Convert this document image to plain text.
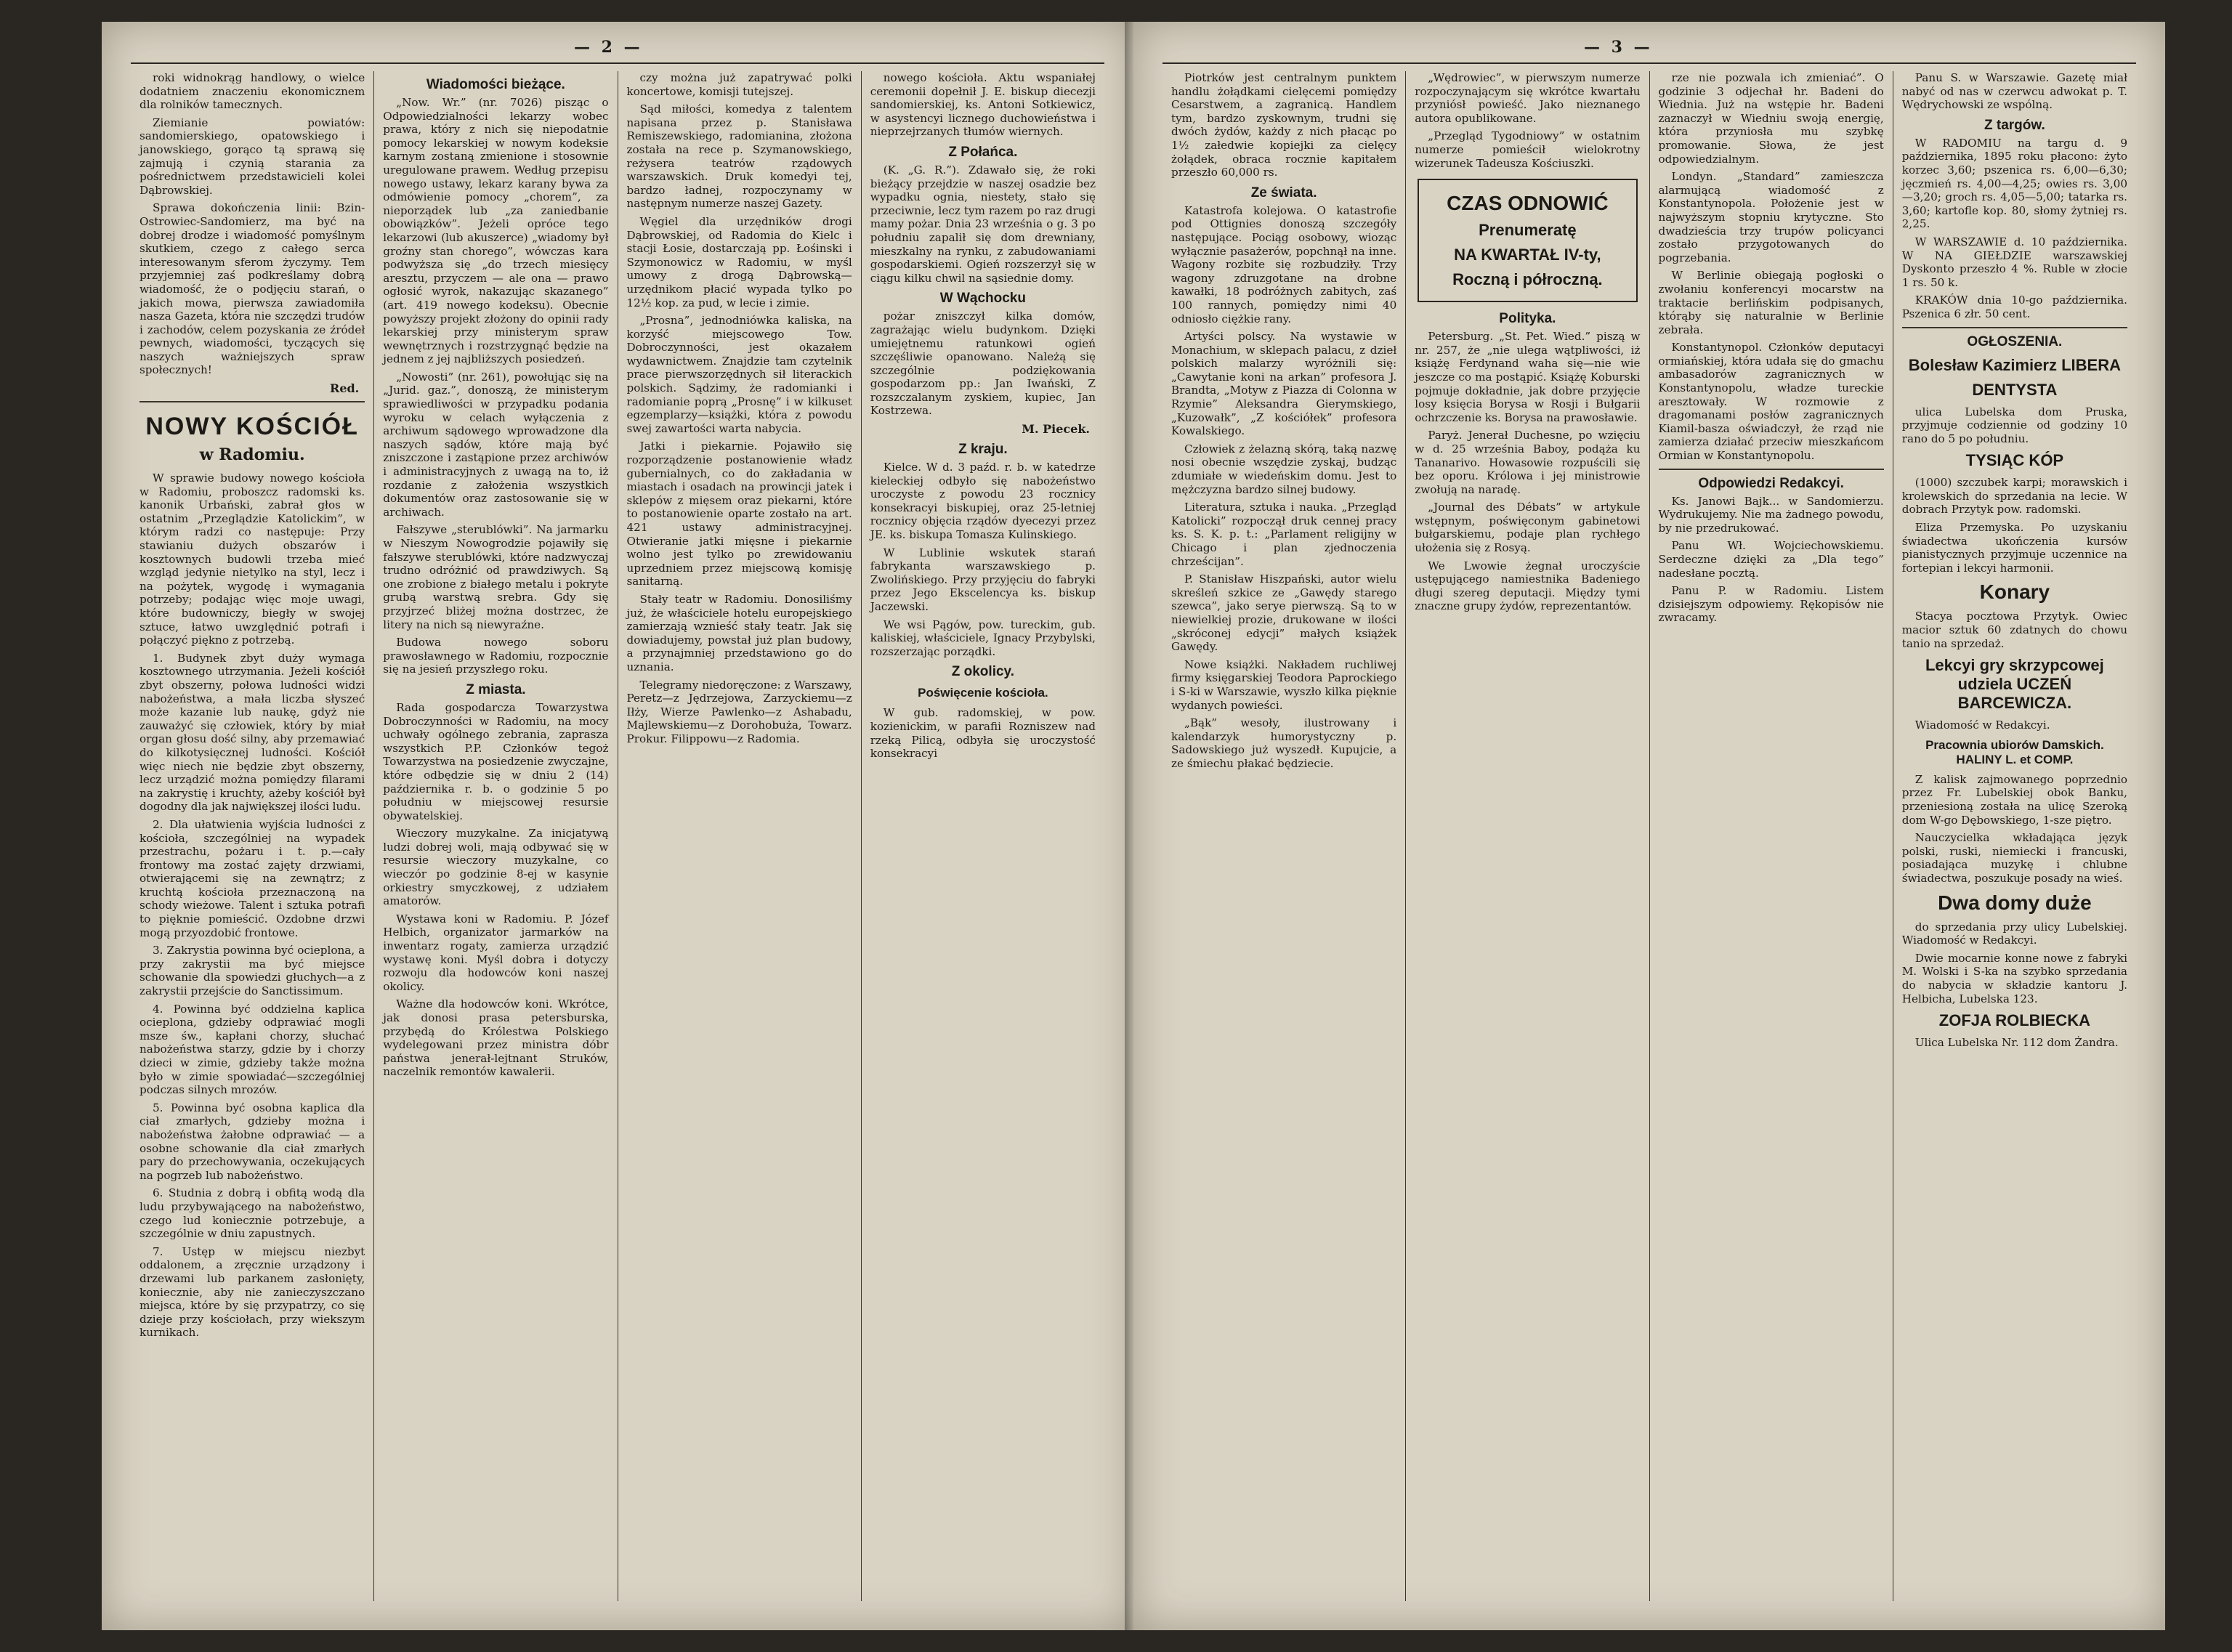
— 2 —

roki widnokrąg handlowy, o wielce dodatniem znaczeniu ekonomicznem dla rolników tamecznych.

Ziemianie powiatów: sandomierskiego, opatowskiego i janowskiego, gorąco tą sprawą się zajmują i czynią starania za pośrednictwem przedstawicieli kolei Dąbrowskiej.

Sprawa dokończenia linii: Bzin-Ostrowiec-Sandomierz, ma być na dobrej drodze i wiadomość pomyślnym skutkiem, czego z całego serca interesowanym sferom życzymy. Tem przyjemniej zaś podkreślamy dobrą wiadomość, że o podjęciu starań, o jakich mowa, pierwsza zawiadomiła nasza Gazeta, która nie szczędzi trudów i zachodów, celem pozyskania ze źródeł pewnych, wiadomości, tyczących się naszych ważniejszych spraw społecznych!

Red.
NOWY KOŚCIÓŁ
w Radomiu.

W sprawie budowy nowego kościoła w Radomiu, proboszcz radomski ks. kanonik Urbański, zabrał głos w ostatnim „Przeglądzie Katolickim”, w którym radzi co następuje: Przy stawianiu dużych obszarów i kosztownych budowli trzeba mieć wzgląd jedynie nietylko na styl, lecz i na pożytek, wygodę i wymagania potrzeby; podając więc moje uwagi, które budowniczy, biegły w swojej sztuce, łatwo uwzględnić potrafi i połączyć piękno z potrzebą.

1. Budynek zbyt duży wymaga kosztownego utrzymania. Jeżeli kościół zbyt obszerny, połowa ludności widzi nabożeństwa, a mała liczba słyszeć może kazanie lub naukę, gdyż nie zauważyć się człowiek, który by miał organ głosu dość silny, aby przemawiać do kilkotysięcznej ludności. Kościół więc niech nie będzie zbyt obszerny, lecz urządzić można pomiędzy filarami na zakrystię i kruchty, ażeby kościół był dogodny dla jak największej ilości ludu.

2. Dla ułatwienia wyjścia ludności z kościoła, szczególniej na wypadek przestrachu, pożaru i t. p.—cały frontowy ma zostać zajęty drzwiami, otwierającemi się na zewnątrz; z kruchtą kościoła przeznaczoną na schody wieżowe. Talent i sztuka potrafi to pięknie pomieścić. Ozdobne drzwi mogą przyozdobić frontowe.

3. Zakrystia powinna być ocieplona, a przy zakrystii ma być miejsce schowanie dla spowiedzi głuchych—a z zakrystii przejście do Sanctissimum.

4. Powinna być oddzielna kaplica ocieplona, gdzieby odprawiać mogli msze św., kapłani chorzy, słuchać nabożeństwa starzy, gdzie by i chorzy dzieci w zimie, gdzieby także można było w zimie spowiadać—szczególniej podczas silnych mrozów.

5. Powinna być osobna kaplica dla ciał zmarłych, gdzieby można i nabożeństwa żałobne odprawiać — a osobne schowanie dla ciał zmarłych pary do przechowywania, oczekujących na pogrzeb lub nabożeństwo.

6. Studnia z dobrą i obfitą wodą dla ludu przybywającego na nabożeństwo, czego lud koniecznie potrzebuje, a szczególnie w dniu zapustnych.

7. Ustęp w miejscu niezbyt oddalonem, a zręcznie urządzony i drzewami lub parkanem zasłonięty, koniecznie, aby nie zanieczyszczano miejsca, które by się przypatrzy, co się dzieje przy kościołach, przy wiekszym kurnikach.

Wiadomości bieżące.

„Now. Wr.” (nr. 7026) pisząc o Odpowiedzialności lekarzy wobec prawa, który z nich się niepodatnie pomocy lekarskiej w nowym kodeksie karnym zostaną zmienione i stosownie uregulowane prawem. Według przepisu nowego ustawy, lekarz karany bywa za odmówienie pomocy „chorem”, za nieporządek lub „za zaniedbanie obowiązków”. Jeżeli opróce tego lekarzowi (lub akuszerce) „wiadomy był groźny stan chorego”, wówczas kara podwyższa się „do trzech miesięcy aresztu, przyczem — ale ona — prawo ogłosić wyrok, nakazując skazanego” (art. 419 nowego kodeksu). Obecnie powyższy projekt złożony do opinii rady lekarskiej przy ministerym spraw wewnętrznych i rozstrzygnąć będzie na jednem z jej najbliższych posiedzeń.

„Nowosti” (nr. 261), powołując się na „Jurid. gaz.”, donoszą, że ministerym sprawiedliwości w przypadku podania wyroku w celach wyłączenia z archiwum sądowego wprowadzone dla naszych sądów, które mają być zniszczone i zastąpione przez archiwów i administracyjnych z uwagą na to, iż rozdanie z założenia wszystkich dokumentów oraz zastosowanie się w archiwach.

Fałszywe „sterublówki”. Na jarmarku w Nieszym Nowogrodzie pojawiły się fałszywe sterublówki, które nadzwyczaj trudno odróżnić od prawdziwych. Są one zrobione z białego metalu i pokryte grubą warstwą srebra. Gdy się przyjrzeć bliżej można dostrzec, że litery na nich są niewyraźne.

Budowa nowego soboru prawosławnego w Radomiu, rozpocznie się na jesień przyszłego roku.

Z miasta.

Rada gospodarcza Towarzystwa Dobroczynności w Radomiu, na mocy uchwały ogólnego zebrania, zaprasza wszystkich P.P. Członków tegoż Towarzystwa na posiedzenie zwyczajne, które odbędzie się w dniu 2 (14) października r. b. o godzinie 5 po południu w miejscowej resursie obywatelskiej.

Wieczory muzykalne. Za inicjatywą ludzi dobrej woli, mają odbywać się w resursie wieczory muzykalne, co wieczór po godzinie 8-ej w kasynie orkiestry smyczkowej, z udziałem amatorów.

Wystawa koni w Radomiu. P. Józef Helbich, organizator jarmarków na inwentarz rogaty, zamierza urządzić wystawę koni. Myśl dobra i dotyczy rozwoju dla hodowców koni naszej okolicy.

Ważne dla hodowców koni. Wkrótce, jak donosi prasa petersburska, przybędą do Królestwa Polskiego wydelegowani przez ministra dóbr państwa jenerał-lejtnant Struków, naczelnik remontów kawalerii.

czy można już zapatrywać polki koncertowe, komisji tutejszej.

Sąd miłości, komedya z talentem napisana przez p. Stanisława Remiszewskiego, radomianina, złożona została na rece p. Szymanowskiego, reżysera teatrów rządowych warszawskich. Druk komedyi tej, bardzo ładnej, rozpoczynamy w następnym numerze naszej Gazety.

Węgiel dla urzędników drogi Dąbrowskiej, od Radomia do Kielc i stacji Łosie, dostarczają pp. Łośinski i Szymonowicz w Radomiu, w myśl umowy z drogą Dąbrowską—urzędnikom płacić wypada tylko po 12½ kop. za pud, w lecie i zimie.

„Prosna”, jednodniówka kaliska, na korzyść miejscowego Tow. Dobroczynności, jest okazałem wydawnictwem. Znajdzie tam czytelnik prace pierwszorzędnych sił literackich polskich. Sądzimy, że radomianki i radomianie poprą „Prosnę” i w kilkuset egzemplarzy—książki, która z powodu swej zawartości warta nabycia.

Jatki i piekarnie. Pojawiło się rozporządzenie postanowienie władz gubernialnych, co do zakładania w miastach i osadach na prowincji jatek i sklepów z mięsem oraz piekarni, które to postanowienie oparte zostało na art. 421 ustawy administracyjnej. Otwieranie jatki mięsne i piekarnie wolno jest tylko po zrewidowaniu uprzedniem przez miejscową komisję sanitarną.

Stały teatr w Radomiu. Donosiliśmy już, że właściciele hotelu europejskiego zamierzają wznieść stały teatr. Jak się dowiadujemy, powstał już plan budowy, a przynajmniej przedstawiono go do uznania.

Telegramy niedoręczone: z Warszawy, Peretz—z Jędrzejowa, Zarzyckiemu—z Iłży, Wierze Pawlenko—z Ashabadu, Majlewskiemu—z Dorohobuża, Towarz. Prokur. Filippowu—z Radomia.

nowego kościoła. Aktu wspaniałej ceremonii dopełnił J. E. biskup diecezji sandomierskiej, ks. Antoni Sotkiewicz, w asystencyi licznego duchowieństwa i nieprzejrzanych tłumów wiernych.

Z Połańca.

(K. „G. R.”). Zdawało się, że roki bieżący przejdzie w naszej osadzie bez wypadku ognia, niestety, stało się przeciwnie, lecz tym razem po raz drugi mamy pożar. Dnia 23 września o g. 3 po południu zapalił się dom drewniany, mieszkalny na rynku, z zabudowaniami gospodarskiemi. Ogień rozszerzył się w ciągu kilku chwil na sąsiednie domy.

W Wąchocku

pożar zniszczył kilka domów, zagrażając wielu budynkom. Dzięki umiejętnemu ratunkowi ogień szczęśliwie opanowano. Należą się szczególnie podziękowania gospodarzom pp.: Jan Iwański, Z rozszczalanym zyskiem, kupiec, Jan Kostrzewa.

M. Piecek.
Z kraju.

Kielce. W d. 3 paźd. r. b. w katedrze kieleckiej odbyło się nabożeństwo uroczyste z powodu 23 rocznicy konsekracyi biskupiej, oraz 25-letniej rocznicy objęcia rządów dyecezyi przez JE. ks. biskupa Tomasza Kulinskiego.

W Lublinie wskutek starań fabrykanta warszawskiego p. Zwolińskiego. Przy przyjęciu do fabryki przez Jego Ekscelencya ks. biskup Jaczewski.

We wsi Pągów, pow. tureckim, gub. kaliskiej, właściciele, Ignacy Przybylski, rozszerzając porządki.

Z okolicy.
Poświęcenie kościoła.

W gub. radomskiej, w pow. kozienickim, w parafii Rozniszew nad rzeką Pilicą, odbyła się uroczystość konsekracyi

— 3 —

Piotrków jest centralnym punktem handlu żołądkami cielęcemi pomiędzy Cesarstwem, a zagranicą. Handlem tym, bardzo zyskownym, trudni się dwóch żydów, każdy z nich płacąc po 1½ załedwie kopiejki za cielęcy żołądek, obraca rocznie kapitałem przeszło 60,000 rs.

Ze świata.

Katastrofa kolejowa. O katastrofie pod Ottignies donoszą szczegóły następujące. Pociąg osobowy, wioząc wyłącznie pasażerów, popchnął na inne. Wagony rozbite się rozbudziły. Trzy wagony zdruzgotane na drobne kawałki, 18 podróżnych zabitych, zaś 100 rannych, pomiędzy nimi 40 odniosło ciężkie rany.

Artyści polscy. Na wystawie w Monachium, w sklepach palacu, z dzieł polskich malarzy wyróżnili się: „Cawytanie koni na arkan” profesora J. Brandta, „Motyw z Piazza di Colonna w Rzymie” Aleksandra Gierymskiego, „Kuzowałk”, „Z kościółek” profesora Kowalskiego.

Człowiek z żelazną skórą, taką nazwę nosi obecnie wszędzie zyskaj, budząc zdumiałe w wiedeńskim domu. Jest to mężczyzna bardzo silnej budowy.

Literatura, sztuka i nauka. „Przegląd Katolicki” rozpoczął druk cennej pracy ks. S. K. p. t.: „Parlament religijny w Chicago i plan zjednoczenia chrześcijan”.

P. Stanisław Hiszpański, autor wielu skreśleń szkice ze „Gawędy starego szewca”, jako serye pierwszą. Są to w niewielkiej prozie, drukowane w ilości „skróconej edycji” małych książek Gawędy.

Nowe książki. Nakładem ruchliwej firmy księgarskiej Teodora Paprockiego i S-ki w Warszawie, wyszło kilka pięknie wydanych powieści.

„Bąk” wesoły, ilustrowany i kalendarzyk humorystyczny p. Sadowskiego już wyszedł. Kupujcie, a ze śmiechu płakać będziecie.

„Wędrowiec”, w pierwszym numerze rozpoczynającym się wkrótce kwartału przyniósł powieść. Jako nieznanego autora opublikowane.

„Przegląd Tygodniowy” w ostatnim numerze pomieścił wielokrotny wizerunek Tadeusza Kościuszki.

CZAS ODNOWIĆ
Prenumeratę
NA KWARTAŁ IV-ty,
Roczną i półroczną.
Polityka.

Petersburg. „St. Pet. Wied.” piszą w nr. 257, że „nie ulega wątpliwości, iż książę Ferdynand waha się—nie wie jeszcze co ma postąpić. Książę Koburski pojmuje dokładnie, jak dobre przyjęcie losy księcia Borysa w Rosji i Bułgarii ochrzczenie ks. Borysa na prawosławie.

Paryż. Jenerał Duchesne, po wzięciu w d. 25 września Baboy, podąża ku Tananarivo. Howasowie rozpuścili się bez oporu. Królowa i jej ministrowie zwołują na naradę.

„Journal des Débats” w artykule wstępnym, poświęconym gabinetowi bułgarskiemu, podaje plan rychłego ułożenia się z Rosyą.

We Lwowie żegnał uroczyście ustępującego namiestnika Badeniego długi szereg deputacji. Między tymi znaczne grupy żydów, reprezentantów.

rze nie pozwala ich zmieniać”. O godzinie 3 odjechał hr. Badeni do Wiednia. Już na wstępie hr. Badeni zaznaczył w Wiedniu swoją energię, która przyniosła mu szybkę promowanie. Słowa, że jest odpowiedzialnym.

Londyn. „Standard” zamieszcza alarmującą wiadomość z Konstantynopola. Położenie jest w najwyższym stopniu krytyczne. Sto dwadzieścia trzy trupów policyanci zostało przygotowanych do pogrzebania.

W Berlinie obiegają pogłoski o zwołaniu konferencyi mocarstw na traktacie berlińskim podpisanych, którąby się naturalnie w Berlinie zebrała.

Konstantynopol. Członków deputacyi ormiańskiej, która udała się do gmachu ambasadorów zagranicznych w Konstantynopolu, władze tureckie aresztowały. W rozmowie z dragomanami posłów zagranicznych Kiamil-basza oświadczył, że rząd nie zamierza działać przeciw mieszkańcom Ormian w Konstantynopolu.

Odpowiedzi Redakcyi.

Ks. Janowi Bajk... w Sandomierzu. Wydrukujemy. Nie ma żadnego powodu, by nie przedrukować.

Panu Wł. Wojciechowskiemu. Serdeczne dzięki za „Dla tego” nadesłane pocztą.

Panu P. w Radomiu. Listem dzisiejszym odpowiemy. Rękopisów nie zwracamy.

Panu S. w Warszawie. Gazetę miał nabyć od nas w czerwcu adwokat p. T. Wędrychowski ze wspólną.

Z targów.

W RADOMIU na targu d. 9 października, 1895 roku płacono: żyto korzec 3,60; pszenica rs. 6,00—6,30; jęczmień rs. 4,00—4,25; owies rs. 3,00—3,20; groch rs. 4,05—5,00; tatarka rs. 3,60; kartofle kop. 80, słomy żytniej rs. 2,25.

W WARSZAWIE d. 10 października. W NA GIEŁDZIE warszawskiej Dyskonto przeszło 4 %. Ruble w złocie 1 rs. 50 k.

KRAKÓW dnia 10-go października. Pszenica 6 złr. 50 cent.

OGŁOSZENIA.
Bolesław Kazimierz LIBERA
DENTYSTA

ulica Lubelska dom Pruska, przyjmuje codziennie od godziny 10 rano do 5 po południu.

TYSIĄC KÓP

(1000) szczubek karpi; morawskich i krolewskich do sprzedania na lecie. W dobrach Przytyk pow. radomski.

Eliza Przemyska. Po uzyskaniu świadectwa ukończenia kursów pianistycznych przyjmuje uczennice na fortepian i lekcyi harmonii.

Konary

Stacya pocztowa Przytyk. Owiec macior sztuk 60 zdatnych do chowu tanio na sprzedaż.

Lekcyi gry skrzypcowej udziela UCZEŃ BARCEWICZA.

Wiadomość w Redakcyi.

Pracownia ubiorów Damskich. HALINY L. et COMP.

Z kalisk zajmowanego poprzednio przez Fr. Lubelskiej obok Banku, przeniesioną została na ulicę Szeroką dom W-go Dębowskiego, 1-sze piętro.

Nauczycielka wkładająca język polski, ruski, niemiecki i francuski, posiadająca muzykę i chlubne świadectwa, poszukuje posady na wieś.

Dwa domy duże

do sprzedania przy ulicy Lubelskiej. Wiadomość w Redakcyi.

Dwie mocarnie konne nowe z fabryki M. Wolski i S-ka na szybko sprzedania do nabycia w składzie kantoru J. Helbicha, Lubelska 123.

ZOFJA ROLBIECKA

Ulica Lubelska Nr. 112 dom Żandra.
